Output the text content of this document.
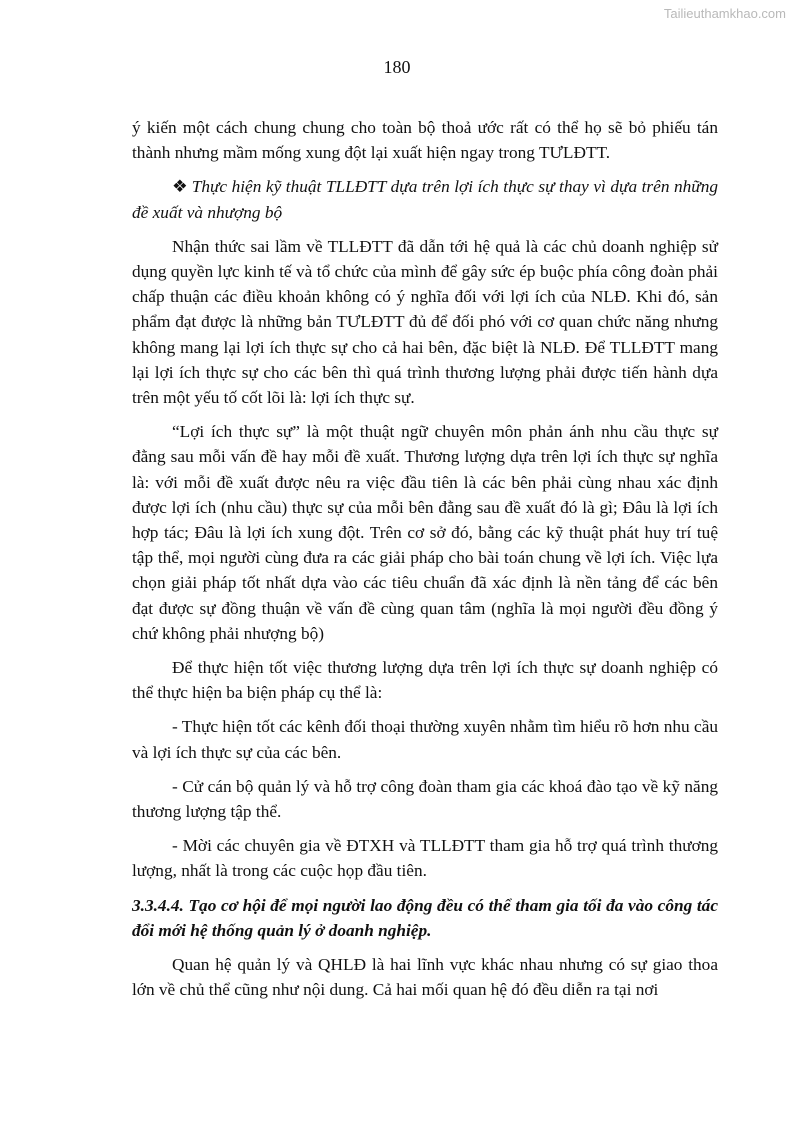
Tailieuthamkhao.com
180

ý kiến một cách chung chung cho toàn bộ thoả ước rất có thể họ sẽ bỏ phiếu tán thành nhưng mầm mống xung đột lại xuất hiện ngay trong TƯLĐTT.

❖ Thực hiện kỹ thuật TLLĐTT dựa trên lợi ích thực sự thay vì dựa trên những đề xuất và nhượng bộ

Nhận thức sai lầm về TLLĐTT đã dẫn tới hệ quả là các chủ doanh nghiệp sử dụng quyền lực kinh tế và tổ chức của mình để gây sức ép buộc phía công đoàn phải chấp thuận các điều khoản không có ý nghĩa đối với lợi ích của NLĐ. Khi đó, sản phẩm đạt được là những bản TƯLĐTT đủ để đối phó với cơ quan chức năng nhưng không mang lại lợi ích thực sự cho cả hai bên, đặc biệt là NLĐ. Để TLLĐTT mang lại lợi ích thực sự cho các bên thì quá trình thương lượng phải được tiến hành dựa trên một yếu tố cốt lõi là: lợi ích thực sự.

“Lợi ích thực sự” là một thuật ngữ chuyên môn phản ánh nhu cầu thực sự đằng sau mỗi vấn đề hay mỗi đề xuất. Thương lượng dựa trên lợi ích thực sự nghĩa là: với mỗi đề xuất được nêu ra việc đầu tiên là các bên phải cùng nhau xác định được lợi ích (nhu cầu) thực sự của mỗi bên đằng sau đề xuất đó là gì; Đâu là lợi ích hợp tác; Đâu là lợi ích xung đột. Trên cơ sở đó, bằng các kỹ thuật phát huy trí tuệ tập thể, mọi người cùng đưa ra các giải pháp cho bài toán chung về lợi ích. Việc lựa chọn giải pháp tốt nhất dựa vào các tiêu chuẩn đã xác định là nền tảng để các bên đạt được sự đồng thuận về vấn đề cùng quan tâm (nghĩa là mọi người đều đồng ý chứ không phải nhượng bộ)

Để thực hiện tốt việc thương lượng dựa trên lợi ích thực sự doanh nghiệp có thể thực hiện ba biện pháp cụ thể là:

- Thực hiện tốt các kênh đối thoại thường xuyên nhằm tìm hiểu rõ hơn nhu cầu và lợi ích thực sự của các bên.

- Cử cán bộ quản lý và hỗ trợ công đoàn tham gia các khoá đào tạo về kỹ năng thương lượng tập thể.

- Mời các chuyên gia về ĐTXH và TLLĐTT tham gia hỗ trợ quá trình thương lượng, nhất là trong các cuộc họp đầu tiên.

3.3.4.4. Tạo cơ hội để mọi người lao động đều có thể tham gia tối đa vào công tác đổi mới hệ thống quản lý ở doanh nghiệp.

Quan hệ quản lý và QHLĐ là hai lĩnh vực khác nhau nhưng có sự giao thoa lớn về chủ thể cũng như nội dung. Cả hai mối quan hệ đó đều diễn ra tại nơi
